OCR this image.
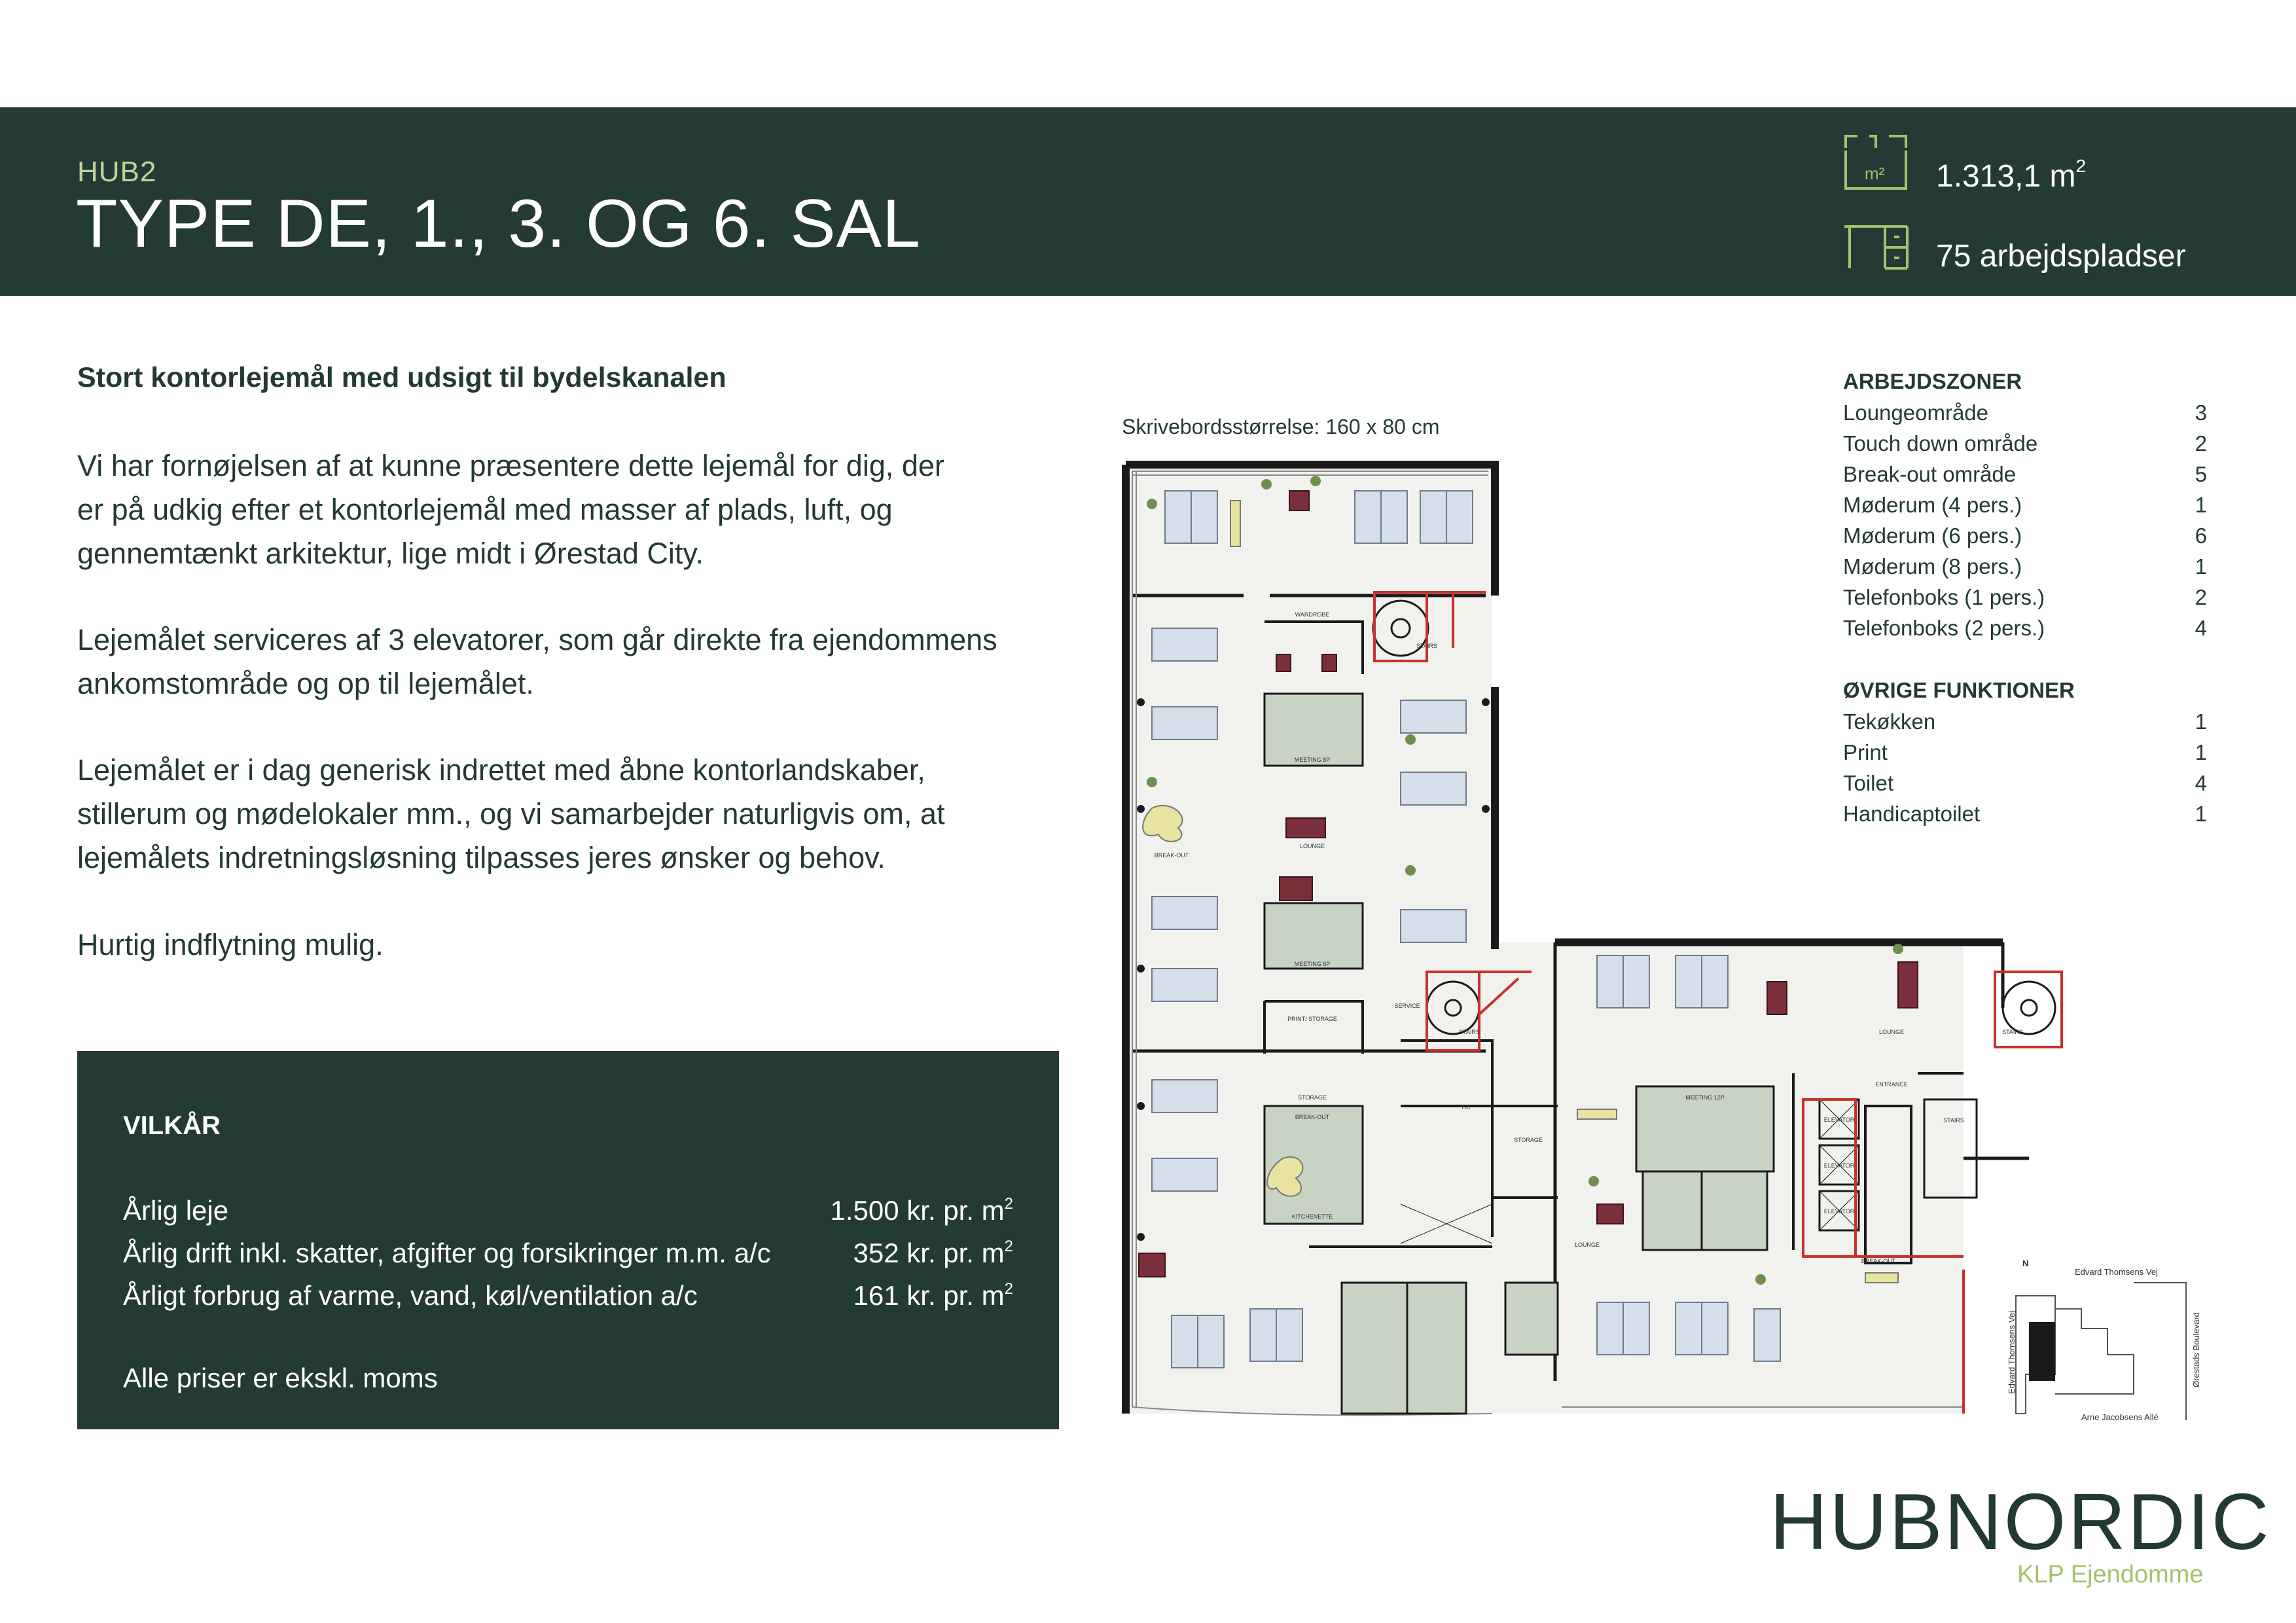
HUB2
TYPE DE, 1., 3. OG 6. SAL
m² 1.313,1 $m^2$
75 arbejdspladser
Stort kontorlejemål med udsigt til bydelskanalen
Vi har fornøjelsen af at kunne præsentere dette lejemål for dig, der
er på udkig efter et kontorlejemål med masser af plads, luft, og
gennemtænkt arkitektur, lige midt i Ørestad City.
Lejemålet serviceres af 3 elevatorer, som går direkte fra ejendommens
ankomstområde og op til lejemålet.
Lejemålet er i dag generisk indrettet med åbne kontorlandskaber,
stillerum og mødelokaler mm., og vi samarbejder naturligvis om, at
lejemålets indretningsløsning tilpasses jeres ønsker og behov.
Hurtig indflytning mulig.
VILKÅR
Årlig leje	1.500 kr. pr. $m^2$
Årlig drift inkl. skatter, afgifter og forsikringer m.m. a/c	352 kr. pr. $m^2$
Årligt forbrug af varme, vand, køl/ventilation a/c	161 kr. pr. $m^2$
Alle priser er ekskl. moms
Skrivebordsstørrelse: 160 x 80 cm
WARDROBE
STAIRS
MEETING 8P
LOUNGE
BREAK-OUT
MEETING 6P
PRINT/ STORAGE
STORAGE
BREAK-OUT
KITCHENETTE
SERVICE
STAIRS
HC
STORAGE
MEETING 12P
LOUNGE	STAIRS
ENTRANCE
STAIRS
ELEVATOR
ELEVATOR
ELEVATOR
BREAK-OUT
LOUNGE
N
Edvard Thomsens Vej
Edvard Thomsens Vej	Ørestads Boulevard
Arne Jacobsens Allé
ARBEJDSZONER
Loungeområde	3
Touch down område	2
Break-out område	5
Møderum (4 pers.)	1
Møderum (6 pers.)	6
Møderum (8 pers.)	1
Telefonboks (1 pers.)	2
Telefonboks (2 pers.)	4
ØVRIGE FUNKTIONER
Tekøkken	1
Print	1
Toilet	4
Handicaptoilet	1
HUBNORDIC
KLP Ejendomme
